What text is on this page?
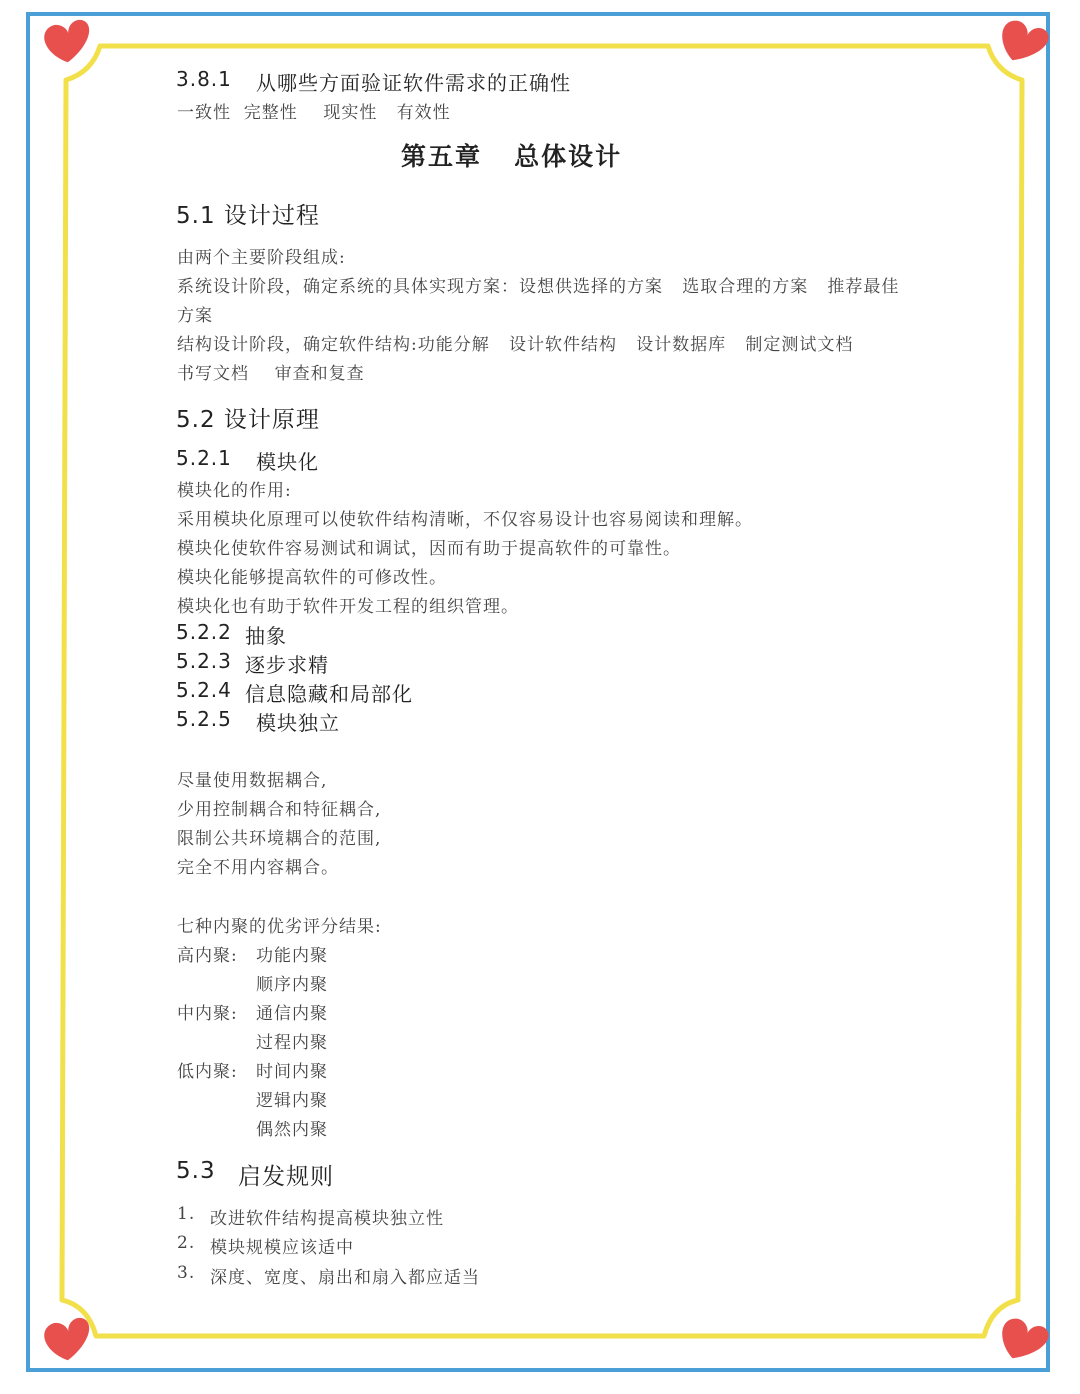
3.8.1 从哪些方面验证软件需求的正确性
一致性  完整性    现实性   有效性
第五章   总体设计
5.1 设计过程
由两个主要阶段组成:
系统设计阶段，确定系统的具体实现方案：设想供选择的方案   选取合理的方案   推荐最佳
方案
结构设计阶段，确定软件结构:功能分解   设计软件结构   设计数据库   制定测试文档
书写文档    审查和复查
5.2 设计原理
5.2.1 模块化
模块化的作用:
采用模块化原理可以使软件结构清晰，不仅容易设计也容易阅读和理解。
模块化使软件容易测试和调试，因而有助于提高软件的可靠性。
模块化能够提高软件的可修改性。
模块化也有助于软件开发工程的组织管理。
5.2.2 抽象
5.2.3 逐步求精
5.2.4 信息隐藏和局部化
5.2.5 模块独立
尽量使用数据耦合,
少用控制耦合和特征耦合,
限制公共环境耦合的范围,
完全不用内容耦合。
七种内聚的优劣评分结果:
高内聚: 功能内聚
顺序内聚
中内聚: 通信内聚
过程内聚
低内聚: 时间内聚
逻辑内聚
偶然内聚
5.3 启发规则
1. 改进软件结构提高模块独立性
2. 模块规模应该适中
3. 深度、宽度、扇出和扇入都应适当
